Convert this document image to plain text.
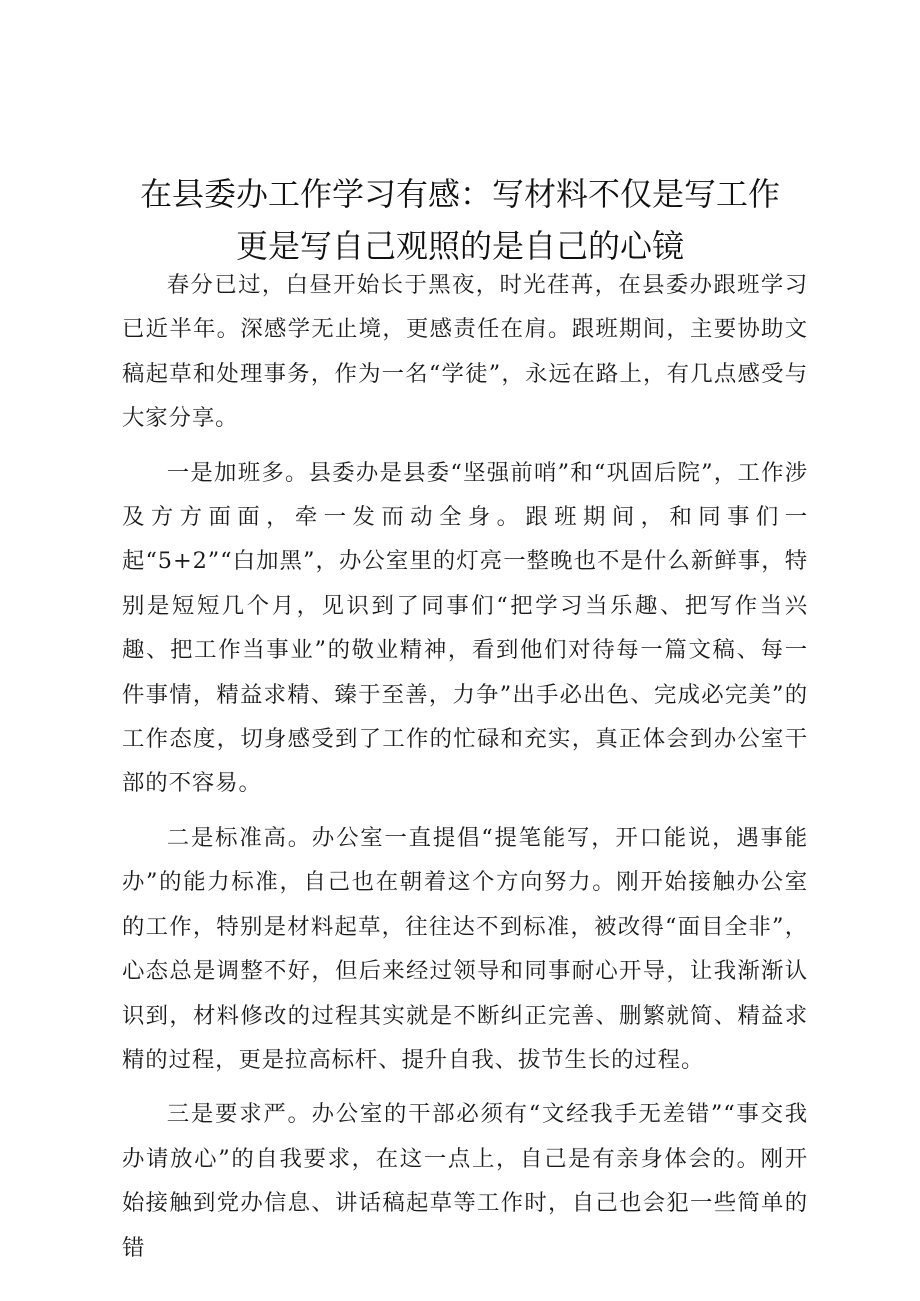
在县委办工作学习有感：写材料不仅是写工作
更是写自己观照的是自己的心镜

春分已过，白昼开始长于黑夜，时光荏苒，在县委办跟班学习已近半年。深感学无止境，更感责任在肩。跟班期间，主要协助文稿起草和处理事务，作为一名“学徒”，永远在路上，有几点感受与大家分享。

一是加班多。县委办是县委“坚强前哨”和“巩固后院”，工作涉及方方面面，牵一发而动全身。跟班期间，和同事们一起“5+2”“白加黑”，办公室里的灯亮一整晚也不是什么新鲜事，特别是短短几个月，见识到了同事们“把学习当乐趣、把写作当兴趣、把工作当事业”的敬业精神，看到他们对待每一篇文稿、每一件事情，精益求精、臻于至善，力争”出手必出色、完成必完美”的工作态度，切身感受到了工作的忙碌和充实，真正体会到办公室干部的不容易。

二是标准高。办公室一直提倡“提笔能写，开口能说，遇事能办”的能力标准，自己也在朝着这个方向努力。刚开始接触办公室的工作，特别是材料起草，往往达不到标准，被改得“面目全非”，心态总是调整不好，但后来经过领导和同事耐心开导，让我渐渐认识到，材料修改的过程其实就是不断纠正完善、删繁就简、精益求精的过程，更是拉高标杆、提升自我、拔节生长的过程。

三是要求严。办公室的干部必须有“文经我手无差错”“事交我办请放心”的自我要求，在这一点上，自己是有亲身体会的。刚开始接触到党办信息、讲话稿起草等工作时，自己也会犯一些简单的错
